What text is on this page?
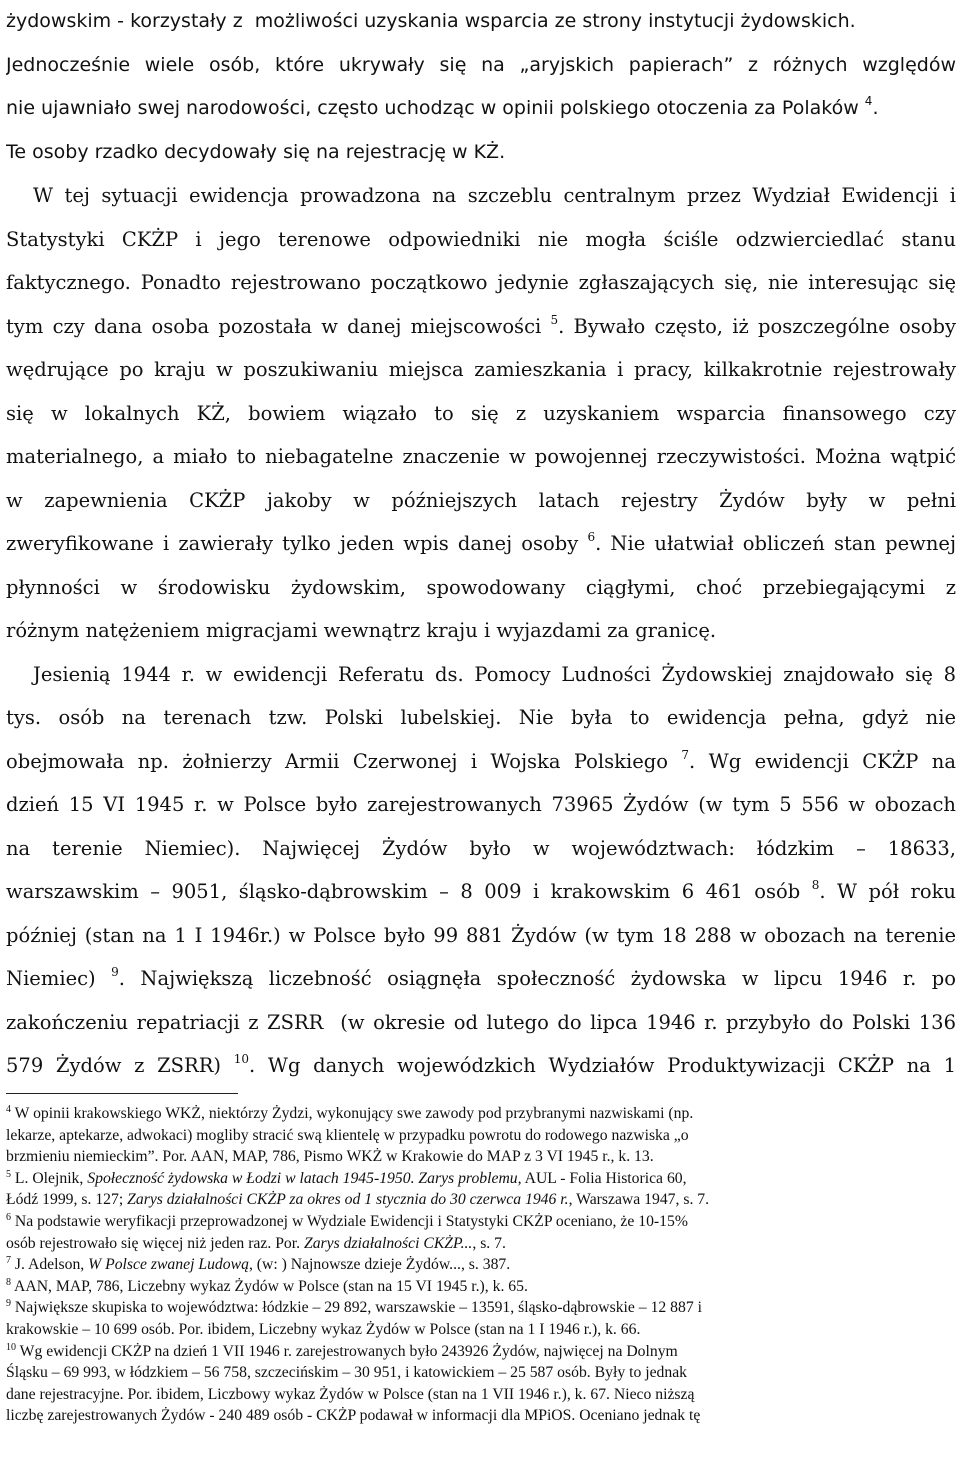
żydowskim - korzystały z  możliwości uzyskania wsparcia ze strony instytucji żydowskich.
Jednocześnie wiele osób, które ukrywały się na „aryjskich papierach” z różnych względów
nie ujawniało swej narodowości, często uchodząc w opinii polskiego otoczenia za Polaków $^4$.
Te osoby rzadko decydowały się na rejestrację w KŻ.
W tej sytuacji ewidencja prowadzona na szczeblu centralnym przez Wydział Ewidencji i
Statystyki CKŻP i jego terenowe odpowiedniki nie mogła ściśle odzwierciedlać stanu
faktycznego. Ponadto rejestrowano początkowo jedynie zgłaszających się, nie interesując się
tym czy dana osoba pozostała w danej miejscowości $^5$. Bywało często, iż poszczególne osoby
wędrujące po kraju w poszukiwaniu miejsca zamieszkania i pracy, kilkakrotnie rejestrowały
się w lokalnych KŻ, bowiem wiązało to się z uzyskaniem wsparcia finansowego czy
materialnego, a miało to niebagatelne znaczenie w powojennej rzeczywistości. Można wątpić
w zapewnienia CKŻP jakoby w późniejszych latach rejestry Żydów były w pełni
zweryfikowane i zawierały tylko jeden wpis danej osoby $^6$. Nie ułatwiał obliczeń stan pewnej
płynności w środowisku żydowskim, spowodowany ciągłymi, choć przebiegającymi z
różnym natężeniem migracjami wewnątrz kraju i wyjazdami za granicę.
Jesienią 1944 r. w ewidencji Referatu ds. Pomocy Ludności Żydowskiej znajdowało się 8
tys. osób na terenach tzw. Polski lubelskiej. Nie była to ewidencja pełna, gdyż nie
obejmowała np. żołnierzy Armii Czerwonej i Wojska Polskiego $^7$. Wg ewidencji CKŻP na
dzień 15 VI 1945 r. w Polsce było zarejestrowanych 73965 Żydów (w tym 5 556 w obozach
na terenie Niemiec). Najwięcej Żydów było w województwach: łódzkim – 18633,
warszawskim – 9051, śląsko-dąbrowskim – 8 009 i krakowskim 6 461 osób $^8$. W pół roku
później (stan na 1 I 1946r.) w Polsce było 99 881 Żydów (w tym 18 288 w obozach na terenie
Niemiec) $^9$. Największą liczebność osiągnęła społeczność żydowska w lipcu 1946 r. po
zakończeniu repatriacji z ZSRR  (w okresie od lutego do lipca 1946 r. przybyło do Polski 136
579 Żydów z ZSRR) $^{10}$. Wg danych wojewódzkich Wydziałów Produktywizacji CKŻP na 1
$^4$ W opinii krakowskiego WKŻ, niektórzy Żydzi, wykonujący swe zawody pod przybranymi nazwiskami (np.
lekarze, aptekarze, adwokaci) mogliby stracić swą klientelę w przypadku powrotu do rodowego nazwiska „o
brzmieniu niemieckim”. Por. AAN, MAP, 786, Pismo WKŻ w Krakowie do MAP z 3 VI 1945 r., k. 13.
$^5$ L. Olejnik, Społeczność żydowska w Łodzi w latach 1945-1950. Zarys problemu, AUL - Folia Historica 60,
Łódź 1999, s. 127; Zarys działalności CKŻP za okres od 1 stycznia do 30 czerwca 1946 r., Warszawa 1947, s. 7.
$^6$ Na podstawie weryfikacji przeprowadzonej w Wydziale Ewidencji i Statystyki CKŻP oceniano, że 10-15%
osób rejestrowało się więcej niż jeden raz. Por. Zarys działalności CKŻP..., s. 7.
$^7$ J. Adelson, W Polsce zwanej Ludową, (w: ) Najnowsze dzieje Żydów..., s. 387.
$^8$ AAN, MAP, 786, Liczebny wykaz Żydów w Polsce (stan na 15 VI 1945 r.), k. 65.
$^9$ Największe skupiska to województwa: łódzkie – 29 892, warszawskie – 13591, śląsko-dąbrowskie – 12 887 i
krakowskie – 10 699 osób. Por. ibidem, Liczebny wykaz Żydów w Polsce (stan na 1 I 1946 r.), k. 66.
$^{10}$ Wg ewidencji CKŻP na dzień 1 VII 1946 r. zarejestrowanych było 243926 Żydów, najwięcej na Dolnym
Śląsku – 69 993, w łódzkiem – 56 758, szczecińskim – 30 951, i katowickiem – 25 587 osób. Były to jednak
dane rejestracyjne. Por. ibidem, Liczbowy wykaz Żydów w Polsce (stan na 1 VII 1946 r.), k. 67. Nieco niższą
liczbę zarejestrowanych Żydów - 240 489 osób - CKŻP podawał w informacji dla MPiOS. Oceniano jednak tę
